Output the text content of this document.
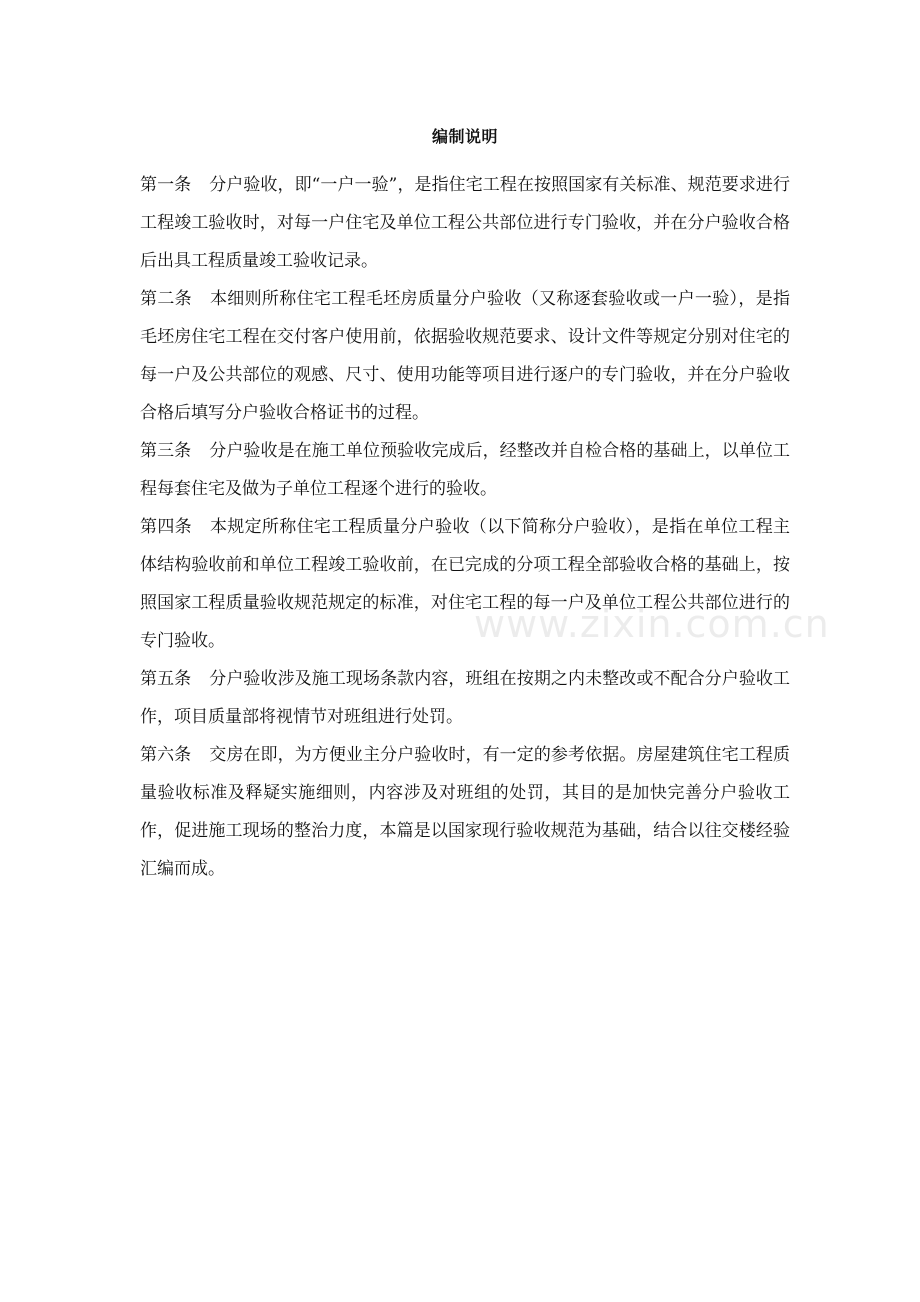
编制说明

第一条 分户验收，即“一户一验”，是指住宅工程在按照国家有关标准、规范要求进行工程竣工验收时，对每一户住宅及单位工程公共部位进行专门验收，并在分户验收合格后出具工程质量竣工验收记录。

第二条 本细则所称住宅工程毛坯房质量分户验收（又称逐套验收或一户一验），是指毛坯房住宅工程在交付客户使用前，依据验收规范要求、设计文件等规定分别对住宅的每一户及公共部位的观感、尺寸、使用功能等项目进行逐户的专门验收，并在分户验收合格后填写分户验收合格证书的过程。

第三条 分户验收是在施工单位预验收完成后，经整改并自检合格的基础上，以单位工程每套住宅及做为子单位工程逐个进行的验收。

第四条 本规定所称住宅工程质量分户验收（以下简称分户验收），是指在单位工程主体结构验收前和单位工程竣工验收前，在已完成的分项工程全部验收合格的基础上，按照国家工程质量验收规范规定的标准，对住宅工程的每一户及单位工程公共部位进行的专门验收。

第五条 分户验收涉及施工现场条款内容，班组在按期之内未整改或不配合分户验收工作，项目质量部将视情节对班组进行处罚。

第六条 交房在即，为方便业主分户验收时，有一定的参考依据。房屋建筑住宅工程质量验收标准及释疑实施细则，内容涉及对班组的处罚，其目的是加快完善分户验收工作，促进施工现场的整治力度，本篇是以国家现行验收规范为基础，结合以往交楼经验汇编而成。

www.zixin.com.cn
